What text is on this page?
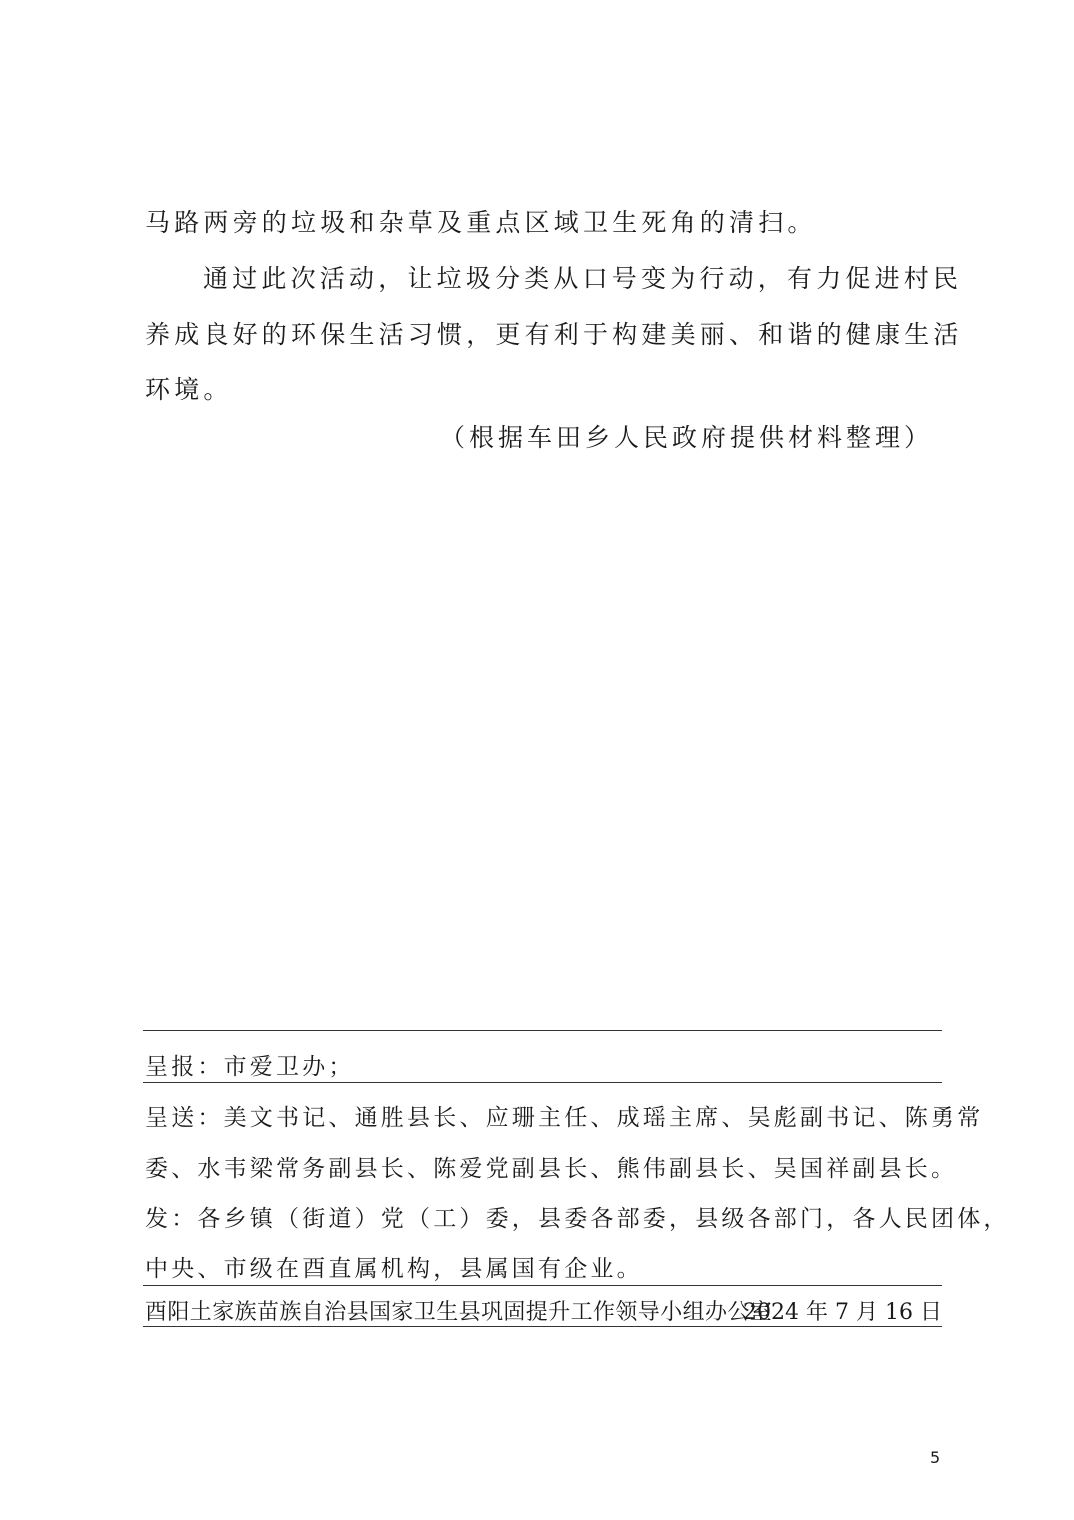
马路两旁的垃圾和杂草及重点区域卫生死角的清扫。
通过此次活动，让垃圾分类从口号变为行动，有力促进村民
养成良好的环保生活习惯，更有利于构建美丽、和谐的健康生活
环境。
（根据车田乡人民政府提供材料整理）
呈报：市爱卫办；
呈送：美文书记、通胜县长、应珊主任、成瑶主席、吴彪副书记、陈勇常
委、水韦梁常务副县长、陈爱党副县长、熊伟副县长、吴国祥副县长。
发：各乡镇（街道）党（工）委，县委各部委，县级各部门，各人民团体，
中央、市级在酉直属机构，县属国有企业。
酉阳土家族苗族自治县国家卫生县巩固提升工作领导小组办公室
2024 年 7 月 16 日
5
